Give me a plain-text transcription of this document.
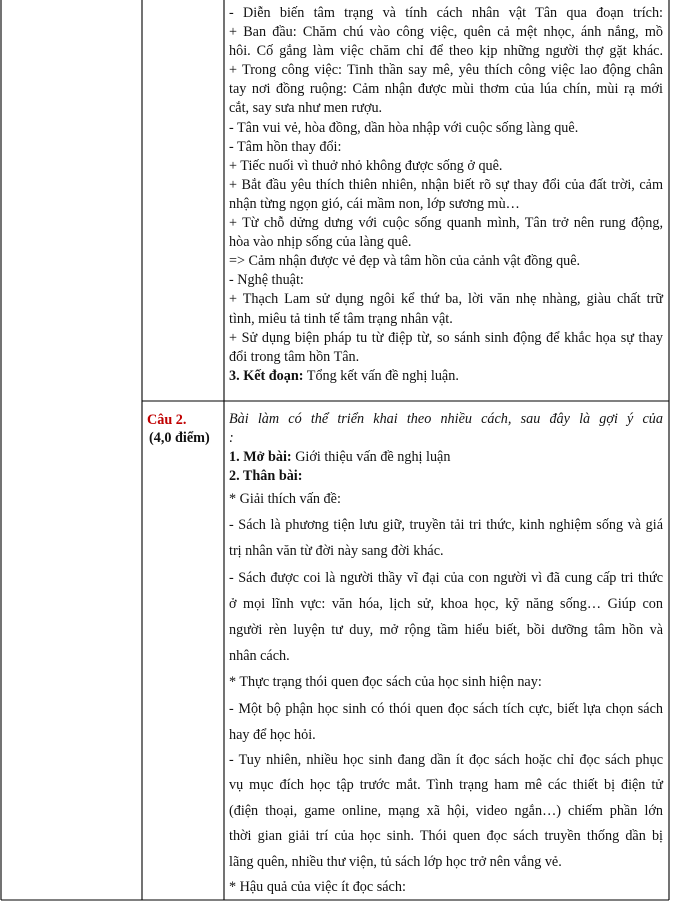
- Diễn biến tâm trạng và tính cách nhân vật Tân qua đoạn trích:
+ Ban đầu: Chăm chú vào công việc, quên cả mệt nhọc, ánh nắng, mồ
hôi. Cố gắng làm việc chăm chỉ để theo kịp những người thợ gặt khác.
+ Trong công việc: Tinh thần say mê, yêu thích công việc lao động chân
tay nơi đồng ruộng: Cảm nhận được mùi thơm của lúa chín, mùi rạ mới
cắt, say sưa như men rượu.
- Tân vui vẻ, hòa đồng, dần hòa nhập với cuộc sống làng quê.
- Tâm hồn thay đổi:
+ Tiếc nuối vì thuở nhỏ không được sống ở quê.
+ Bắt đầu yêu thích thiên nhiên, nhận biết rõ sự thay đổi của đất trời, cảm
nhận từng ngọn gió, cái mầm non, lớp sương mù…
+ Từ chỗ dửng dưng với cuộc sống quanh mình, Tân trở nên rung động,
hòa vào nhịp sống của làng quê.
=> Cảm nhận được vẻ đẹp và tâm hồn của cảnh vật đồng quê.
- Nghệ thuật:
+ Thạch Lam sử dụng ngôi kể thứ ba, lời văn nhẹ nhàng, giàu chất trữ
tình, miêu tả tinh tế tâm trạng nhân vật.
+ Sử dụng biện pháp tu từ điệp từ, so sánh sinh động để khắc họa sự thay
đổi trong tâm hồn Tân.
3. Kết đoạn: Tổng kết vấn đề nghị luận.
Câu 2.
(4,0 điểm)
Bài làm có thể triển khai theo nhiều cách, sau đây là gợi ý của
:
1. Mở bài: Giới thiệu vấn đề nghị luận
2. Thân bài:
* Giải thích vấn đề:
- Sách là phương tiện lưu giữ, truyền tải tri thức, kinh nghiệm sống và giá
trị nhân văn từ đời này sang đời khác.
- Sách được coi là người thầy vĩ đại của con người vì đã cung cấp tri thức
ở mọi lĩnh vực: văn hóa, lịch sử, khoa học, kỹ năng sống… Giúp con
người rèn luyện tư duy, mở rộng tầm hiểu biết, bồi dưỡng tâm hồn và
nhân cách.
* Thực trạng thói quen đọc sách của học sinh hiện nay:
- Một bộ phận học sinh có thói quen đọc sách tích cực, biết lựa chọn sách
hay để học hỏi.
- Tuy nhiên, nhiều học sinh đang dần ít đọc sách hoặc chỉ đọc sách phục
vụ mục đích học tập trước mắt. Tình trạng ham mê các thiết bị điện tử
(điện thoại, game online, mạng xã hội, video ngắn…) chiếm phần lớn
thời gian giải trí của học sinh. Thói quen đọc sách truyền thống dần bị
lãng quên, nhiều thư viện, tủ sách lớp học trở nên vắng vẻ.
* Hậu quả của việc ít đọc sách:
